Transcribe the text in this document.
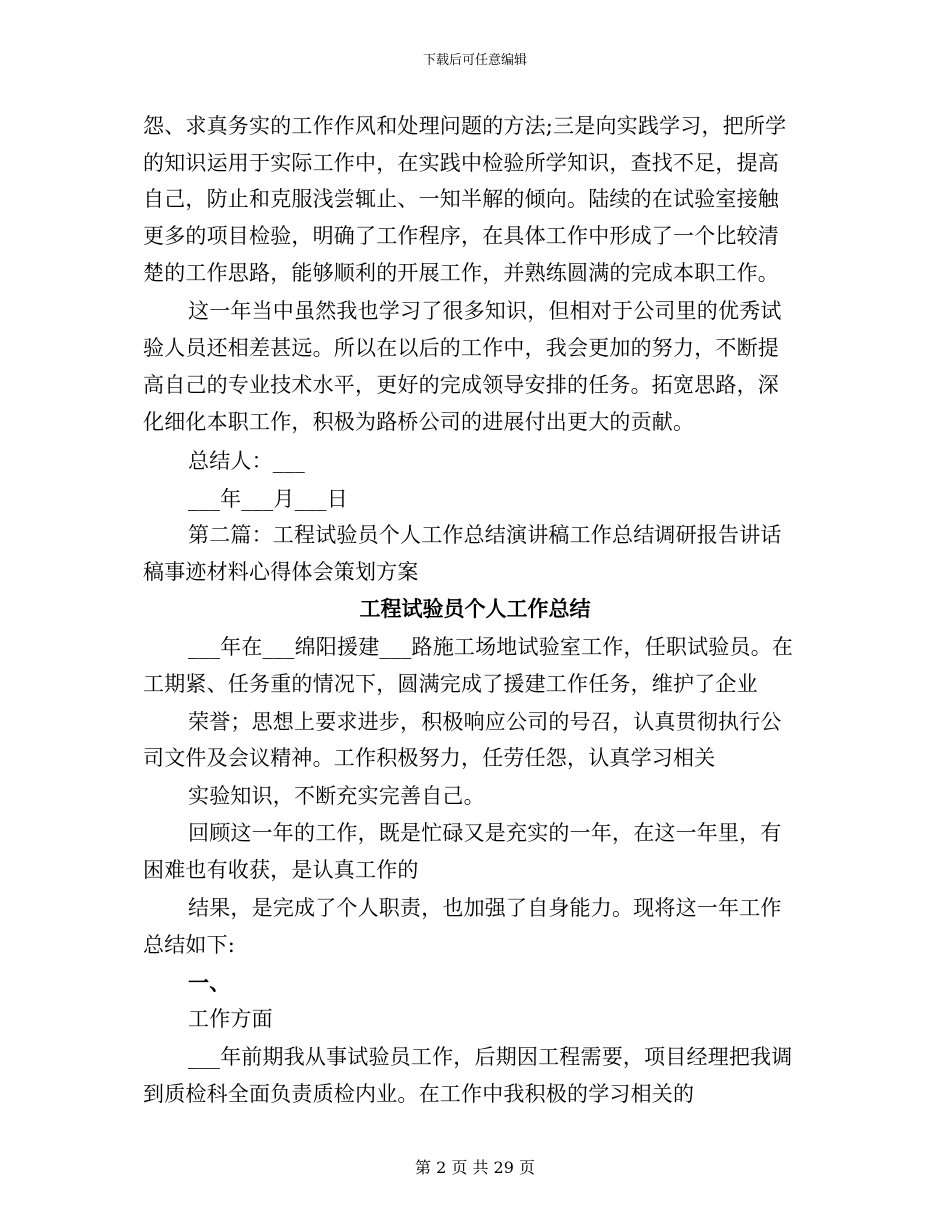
下载后可任意编辑
怨、求真务实的工作作风和处理问题的方法;三是向实践学习，把所学
的知识运用于实际工作中，在实践中检验所学知识，查找不足，提高
自己，防止和克服浅尝辄止、一知半解的倾向。陆续的在试验室接触
更多的项目检验，明确了工作程序，在具体工作中形成了一个比较清
楚的工作思路，能够顺利的开展工作，并熟练圆满的完成本职工作。
这一年当中虽然我也学习了很多知识，但相对于公司里的优秀试
验人员还相差甚远。所以在以后的工作中，我会更加的努力，不断提
高自己的专业技术水平，更好的完成领导安排的任务。拓宽思路，深
化细化本职工作，积极为路桥公司的进展付出更大的贡献。
总结人：___
___年___月___日
第二篇：工程试验员个人工作总结演讲稿工作总结调研报告讲话
稿事迹材料心得体会策划方案
工程试验员个人工作总结
___年在___绵阳援建___路施工场地试验室工作，任职试验员。在
工期紧、任务重的情况下，圆满完成了援建工作任务，维护了企业
荣誉；思想上要求进步，积极响应公司的号召，认真贯彻执行公
司文件及会议精神。工作积极努力，任劳任怨，认真学习相关
实验知识，不断充实完善自己。
回顾这一年的工作，既是忙碌又是充实的一年，在这一年里，有
困难也有收获，是认真工作的
结果，是完成了个人职责，也加强了自身能力。现将这一年工作
总结如下:
一、
工作方面
___年前期我从事试验员工作，后期因工程需要，项目经理把我调
到质检科全面负责质检内业。在工作中我积极的学习相关的
第 2 页 共 29 页
